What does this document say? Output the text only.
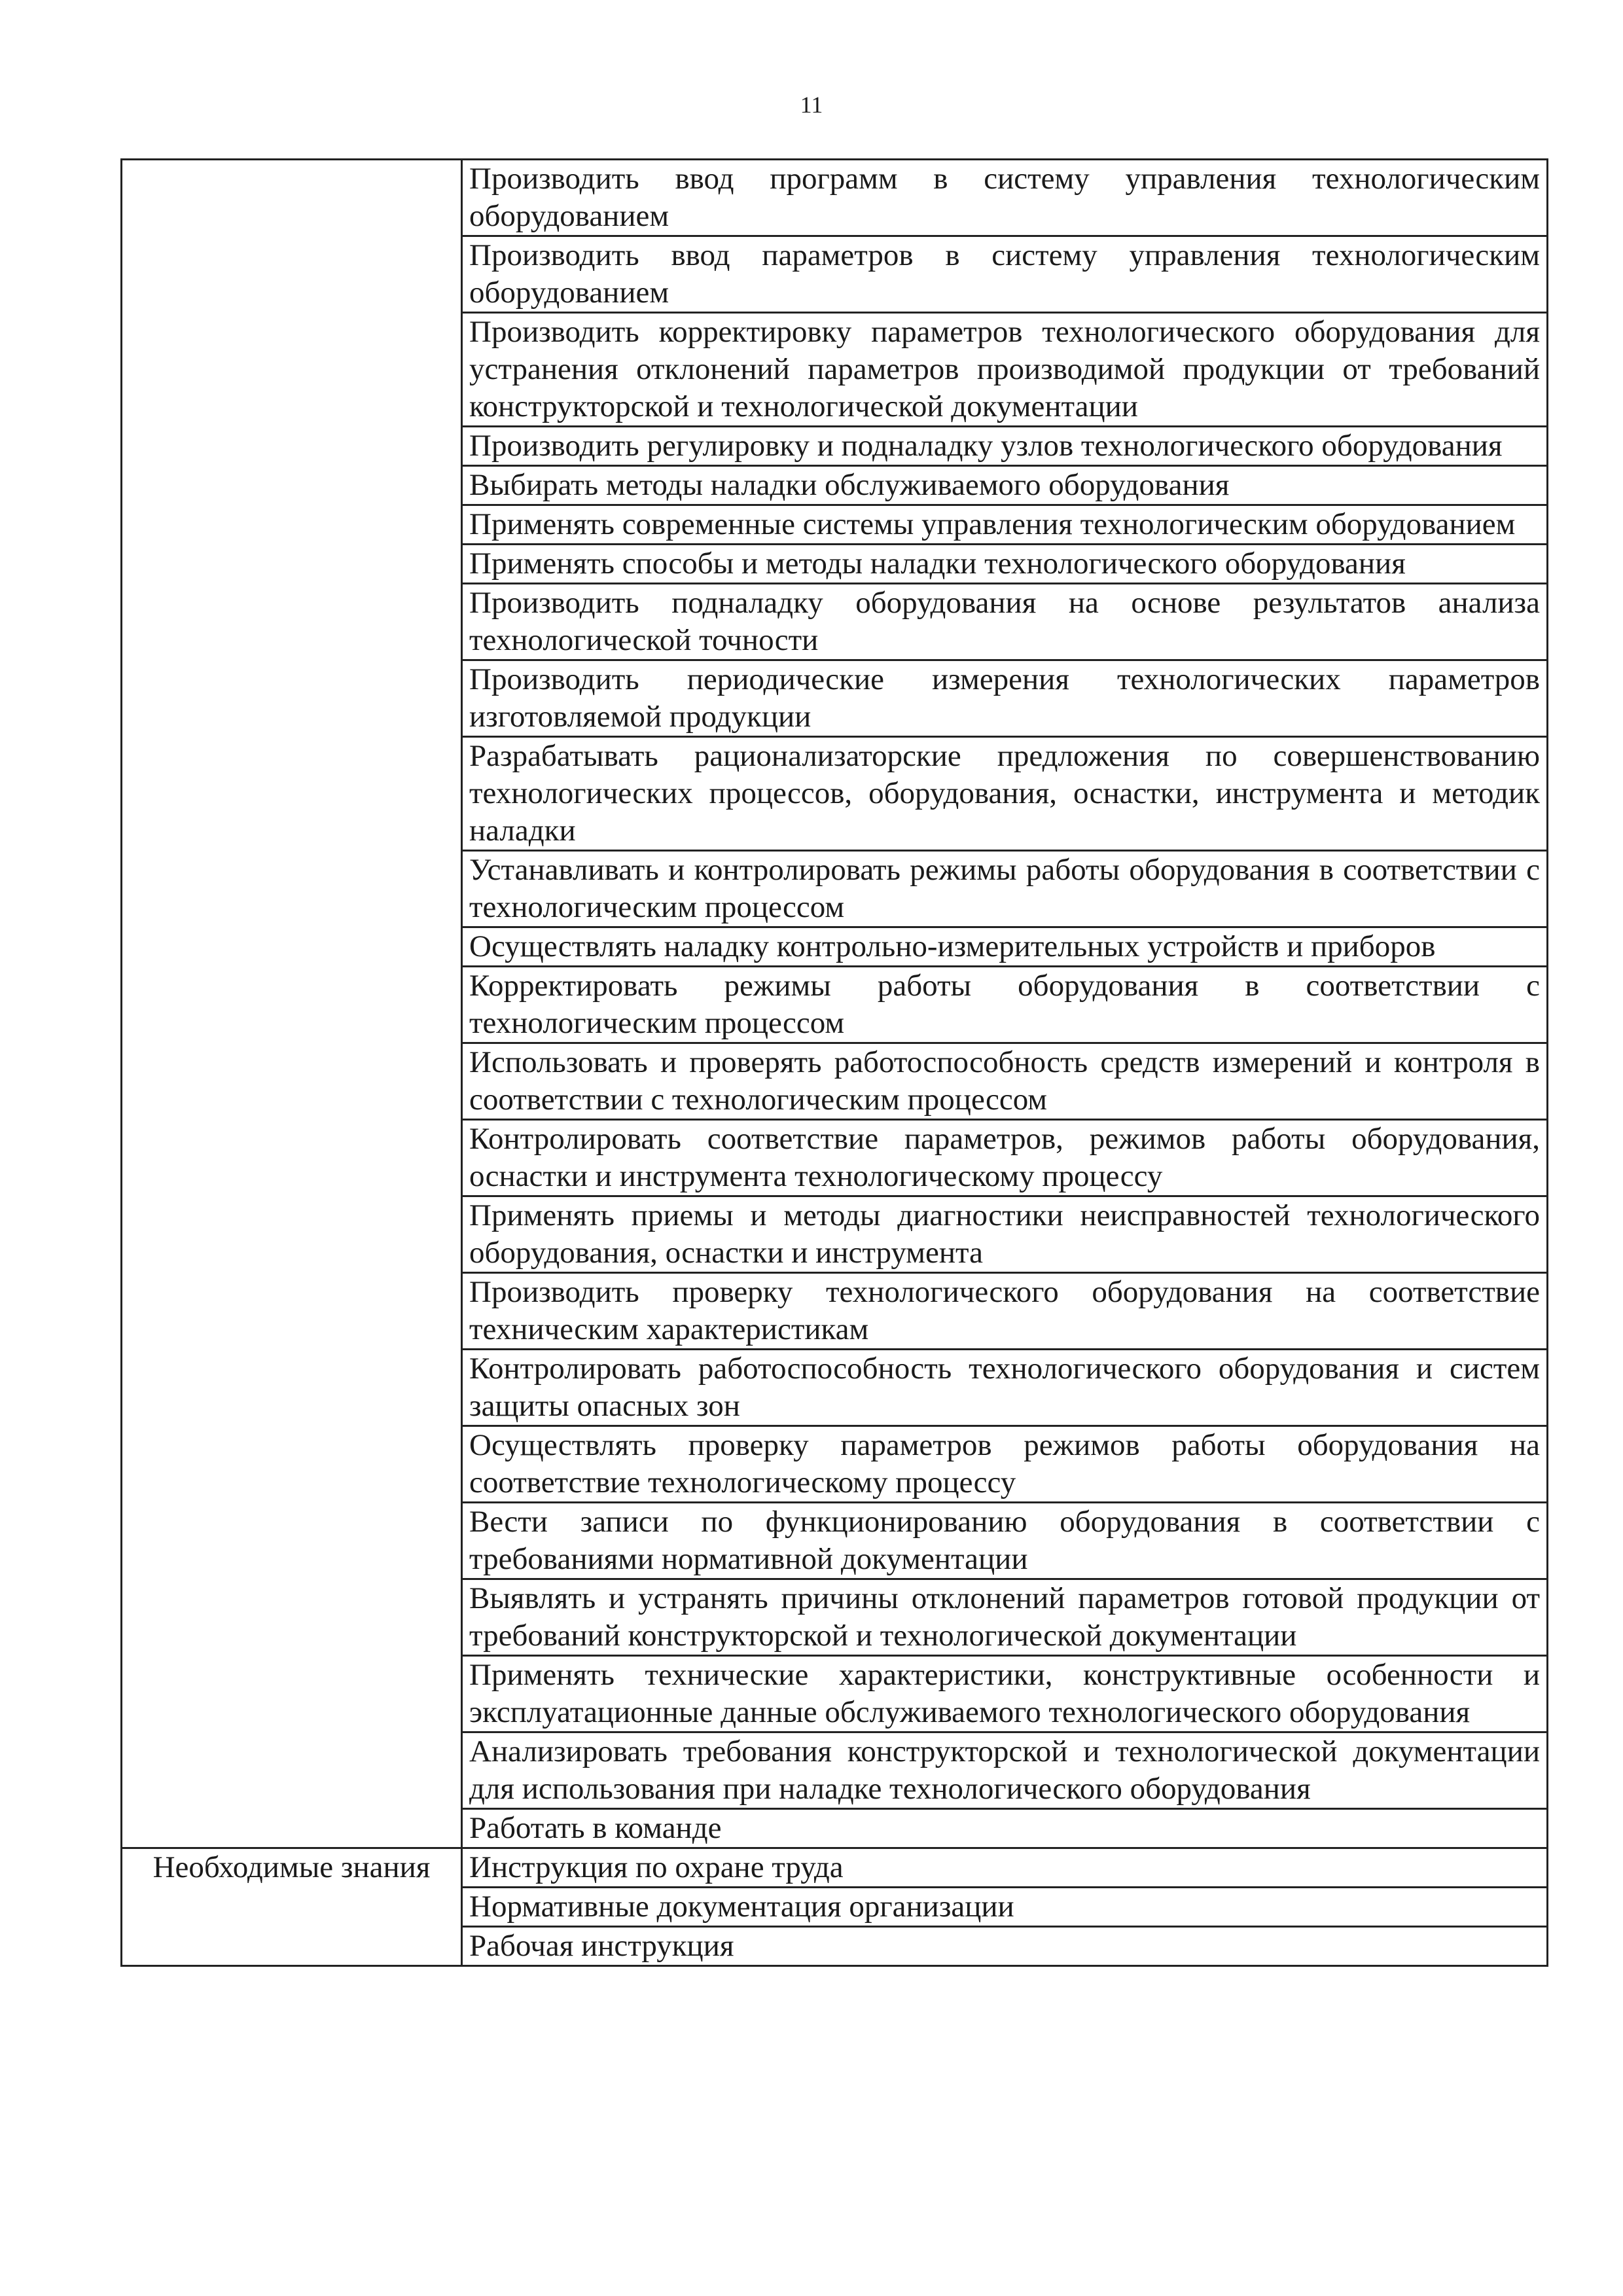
11
	Производить ввод программ в систему управления технологическим оборудованием
	Производить ввод параметров в систему управления технологическим оборудованием
	Производить корректировку параметров технологического оборудования для устранения отклонений параметров производимой продукции от требований конструкторской и технологической документации
	Производить регулировку и подналадку узлов технологического оборудования
	Выбирать методы наладки обслуживаемого оборудования
	Применять современные системы управления технологическим оборудованием
	Применять способы и методы наладки технологического оборудования
	Производить подналадку оборудования на основе результатов анализа технологической точности
	Производить периодические измерения технологических параметров изготовляемой продукции
	Разрабатывать рационализаторские предложения по совершенствованию технологических процессов, оборудования, оснастки, инструмента и методик наладки
	Устанавливать и контролировать режимы работы оборудования в соответствии с технологическим процессом
	Осуществлять наладку контрольно-измерительных устройств и приборов
	Корректировать режимы работы оборудования в соответствии с технологическим процессом
	Использовать и проверять работоспособность средств измерений и контроля в соответствии с технологическим процессом
	Контролировать соответствие параметров, режимов работы оборудования, оснастки и инструмента технологическому процессу
	Применять приемы и методы диагностики неисправностей технологического оборудования, оснастки и инструмента
	Производить проверку технологического оборудования на соответствие техническим характеристикам
	Контролировать работоспособность технологического оборудования и систем защиты опасных зон
	Осуществлять проверку параметров режимов работы оборудования на соответствие технологическому процессу
	Вести записи по функционированию оборудования в соответствии с требованиями нормативной документации
	Выявлять и устранять причины отклонений параметров готовой продукции от требований конструкторской и технологической документации
	Применять технические характеристики, конструктивные особенности и эксплуатационные данные обслуживаемого технологического оборудования
	Анализировать требования конструкторской и технологической документации для использования при наладке технологического оборудования
	Работать в команде
Необходимые знания	Инструкция по охране труда
	Нормативные документация организации
	Рабочая инструкция
